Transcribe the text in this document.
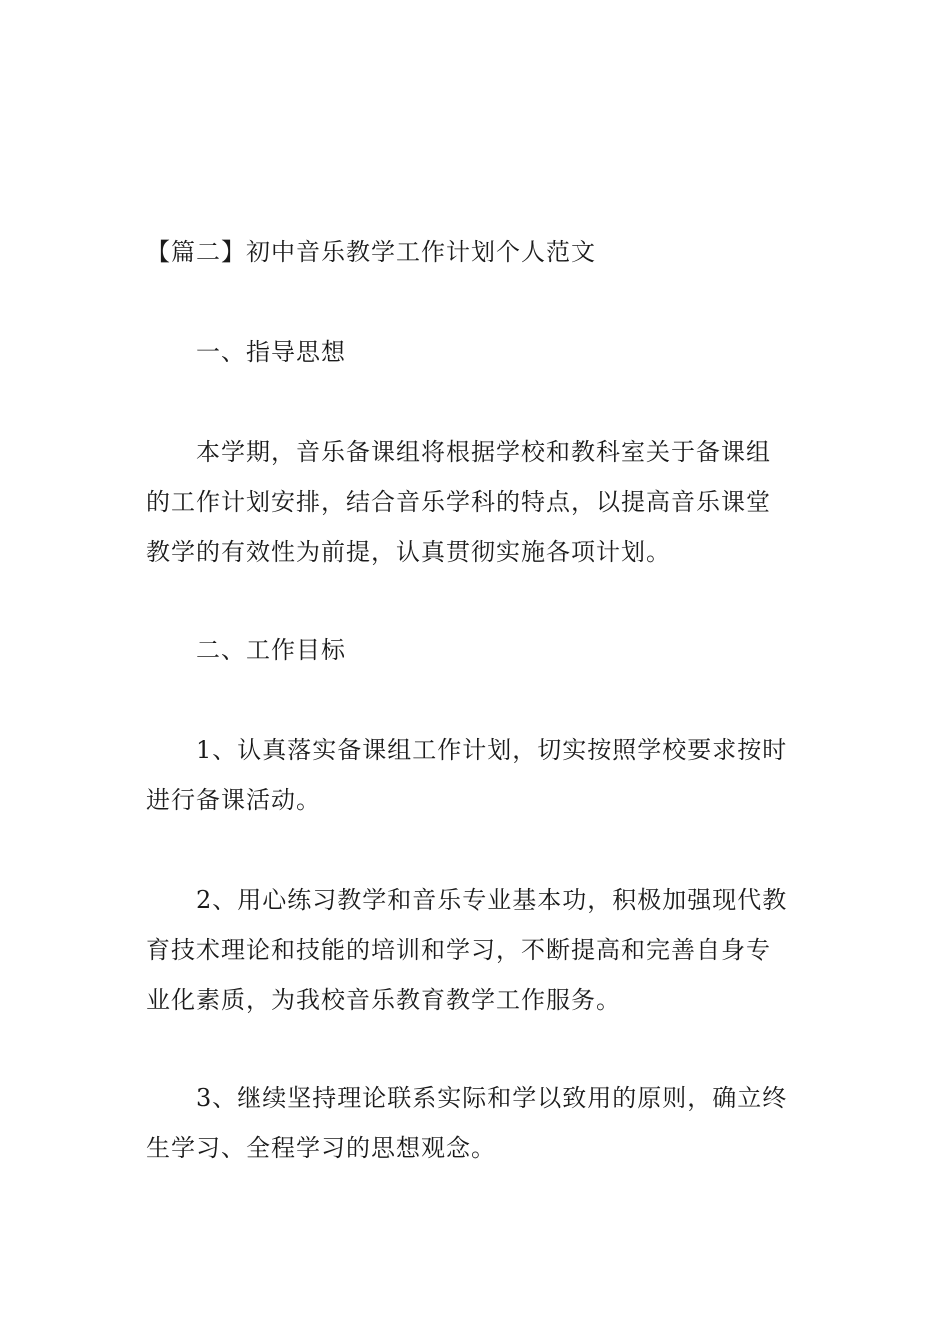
【篇二】初中音乐教学工作计划个人范文
一、指导思想
本学期，音乐备课组将根据学校和教科室关于备课组
的工作计划安排，结合音乐学科的特点，以提高音乐课堂
教学的有效性为前提，认真贯彻实施各项计划。
二、工作目标
1、认真落实备课组工作计划，切实按照学校要求按时
进行备课活动。
2、用心练习教学和音乐专业基本功，积极加强现代教
育技术理论和技能的培训和学习，不断提高和完善自身专
业化素质，为我校音乐教育教学工作服务。
3、继续坚持理论联系实际和学以致用的原则，确立终
生学习、全程学习的思想观念。
